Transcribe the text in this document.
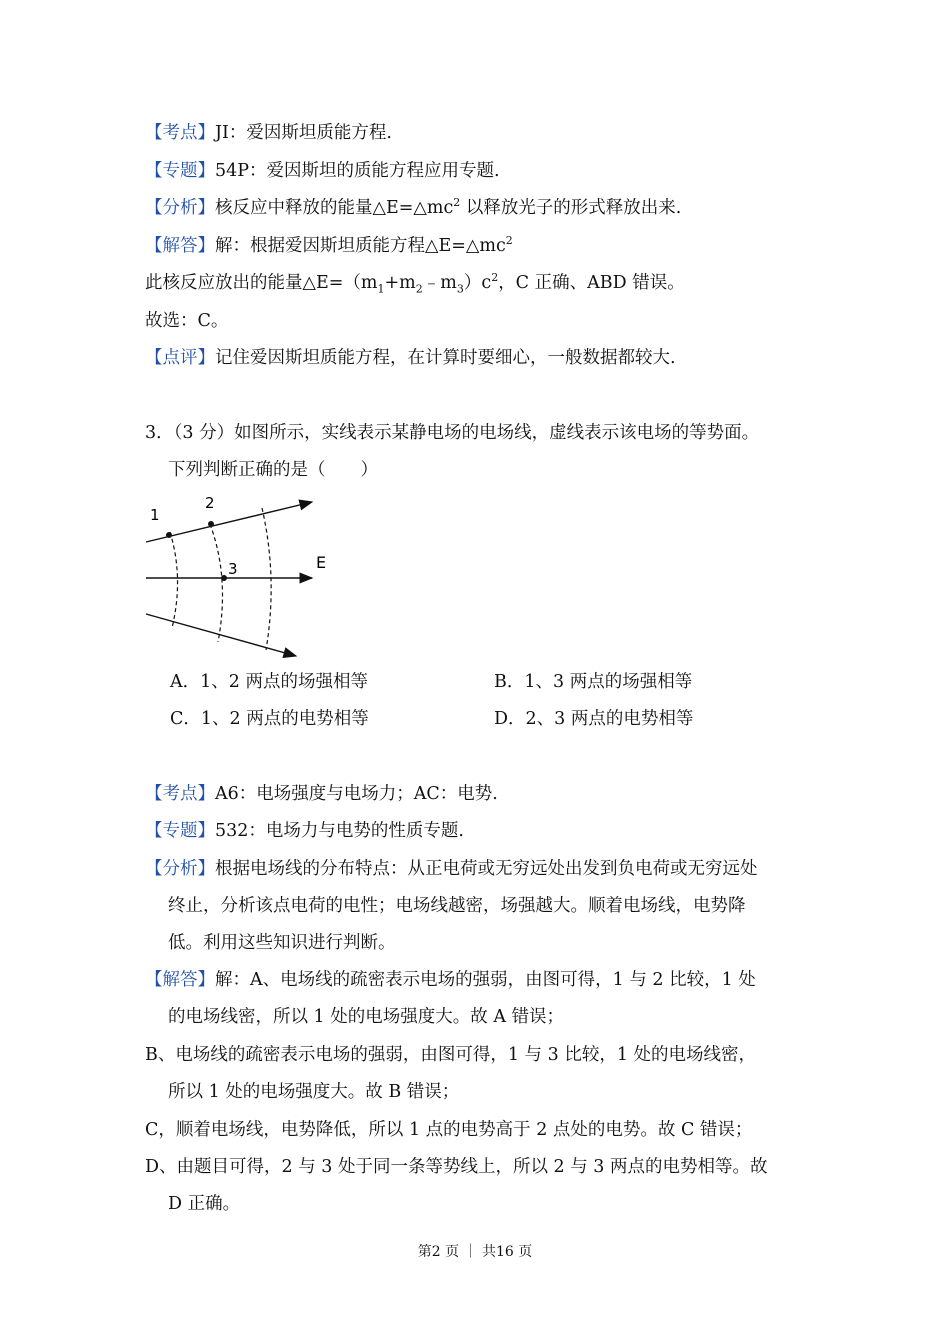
【考点】JI：爱因斯坦质能方程.
【专题】54P：爱因斯坦的质能方程应用专题.
【分析】核反应中释放的能量$\triangle E=\triangle mc^2$ 以释放光子的形式释放出来.
【解答】解：根据爱因斯坦质能方程$\triangle E=\triangle mc^2$
此核反应放出的能量$\triangle E=(m_1+m_2﹣m_3)c^2$，C 正确、ABD 错误。
故选：C。
【点评】记住爱因斯坦质能方程，在计算时要细心，一般数据都较大.
3．（3 分）如图所示，实线表示某静电场的电场线，虚线表示该电场的等势面。
下列判断正确的是（　　）
1
2
3	E
A．1、2 两点的场强相等	B．1、3 两点的场强相等
C．1、2 两点的电势相等	D．2、3 两点的电势相等
【考点】A6：电场强度与电场力；AC：电势.
【专题】532：电场力与电势的性质专题.
【分析】根据电场线的分布特点：从正电荷或无穷远处出发到负电荷或无穷远处
终止，分析该点电荷的电性；电场线越密，场强越大。顺着电场线，电势降
低。利用这些知识进行判断。
【解答】解：A、电场线的疏密表示电场的强弱，由图可得，1 与 2 比较，1 处
的电场线密，所以 1 处的电场强度大。故 A 错误；
B、电场线的疏密表示电场的强弱，由图可得，1 与 3 比较，1 处的电场线密，
所以 1 处的电场强度大。故 B 错误；
C，顺着电场线，电势降低，所以 1 点的电势高于 2 点处的电势。故 C 错误；
D、由题目可得，2 与 3 处于同一条等势线上，所以 2 与 3 两点的电势相等。故
D 正确。
第2 页 ｜ 共16 页
